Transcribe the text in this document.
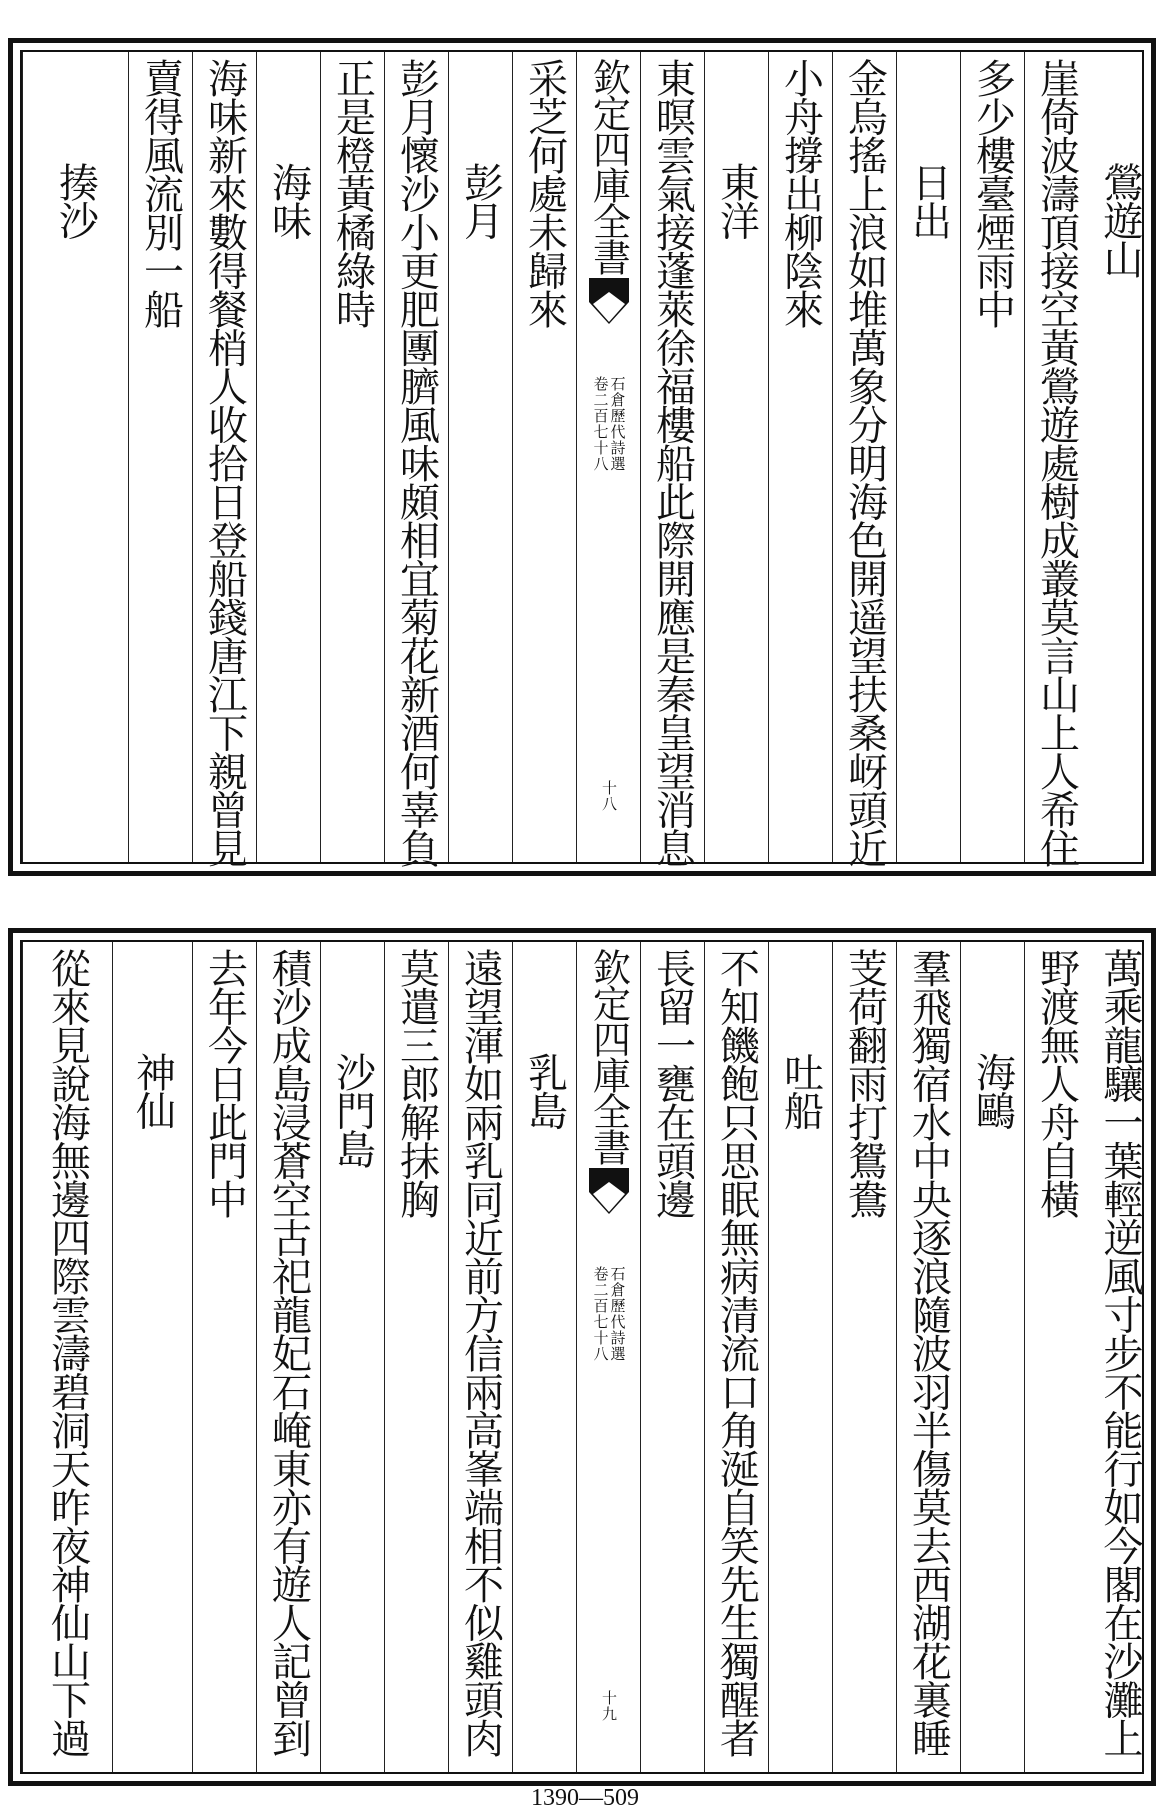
鶯遊山
崖倚波濤頂接空黃鶯遊處樹成叢莫言山上人希住
多少樓臺煙雨中
日出
金烏搖上浪如堆萬象分明海色開遥望扶桑岈頭近
小舟撐出柳陰來
東洋
東暝雲氣接蓬萊徐福樓船此際開應是秦皇望消息
欽定四庫全書
石倉歷代詩選
卷二百七十八
十八
采芝何處未歸來
彭月
彭月懷沙小更肥團臍風味頗相宜菊花新酒何辜負
正是橙黃橘綠時
海味
海味新來數得餐梢人收拾日登船錢唐江下親曾見
賣得風流別一船
揍沙
萬乘龍驤一葉輕逆風寸步不能行如今閣在沙灘上
野渡無人舟自橫
海鷗
羣飛獨宿水中央逐浪隨波羽半傷莫去西湖花裏睡
芰荷翻雨打鴛鴦
吐船
不知饑飽只思眠無病清流口角涎自笑先生獨醒者
長留一甕在頭邊
欽定四庫全書
石倉歷代詩選
卷二百七十八
十九
乳島
遠望渾如兩乳同近前方信兩高峯端相不似雞頭肉
莫遣三郎解抹胸
沙門島
積沙成島浸蒼空古祀龍妃石崦東亦有遊人記曾到
去年今日此門中
神仙
從來見說海無邊四際雲濤碧洞天昨夜神仙山下過
1390—509
